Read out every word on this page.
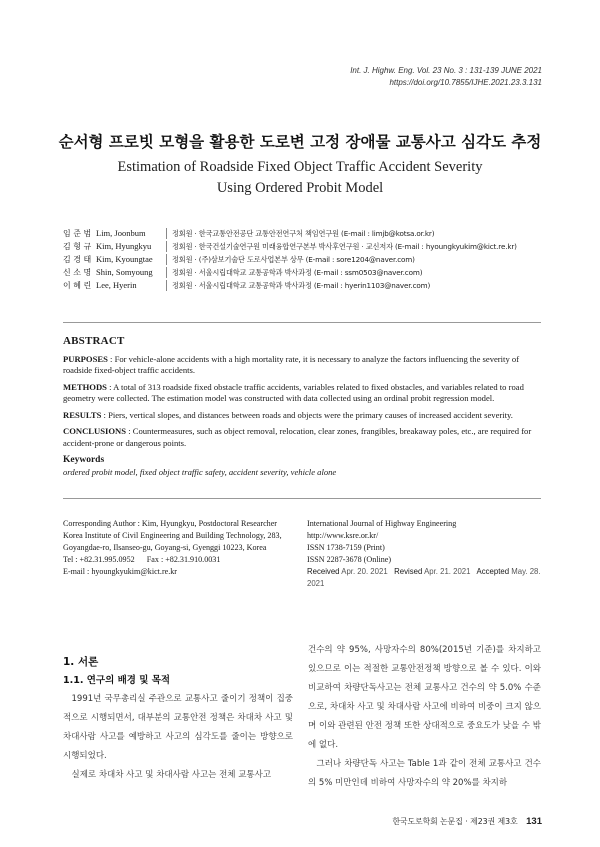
Int. J. Highw. Eng. Vol. 23 No. 3 : 131-139 JUNE 2021
https://doi.org/10.7855/IJHE.2021.23.3.131
순서형 프로빗 모형을 활용한 도로변 고정 장애물 교통사고 심각도 추정
Estimation of Roadside Fixed Object Traffic Accident Severity
Using Ordered Probit Model
임 준 범 Lim, Joonbum	정회원 · 한국교통안전공단 교통안전연구처 책임연구원 (E-mail : limjb@kotsa.or.kr)
김 형 규 Kim, Hyungkyu	정회원 · 한국건설기술연구원 미래융합연구본부 박사후연구원 · 교신저자 (E-mail : hyoungkyukim@kict.re.kr)
김 경 태 Kim, Kyoungtae	정회원 · (주)삼보기술단 도로사업본부 상무 (E-mail : sore1204@naver.com)
신 소 명 Shin, Somyoung	정회원 · 서울시립대학교 교통공학과 박사과정 (E-mail : ssm0503@naver.com)
이 혜 린 Lee, Hyerin	정회원 · 서울시립대학교 교통공학과 박사과정 (E-mail : hyerin1103@naver.com)
ABSTRACT

PURPOSES : For vehicle-alone accidents with a high mortality rate, it is necessary to analyze the factors influencing the severity of roadside fixed-object traffic accidents.

METHODS : A total of 313 roadside fixed obstacle traffic accidents, variables related to fixed obstacles, and variables related to road geometry were collected. The estimation model was constructed with data collected using an ordinal probit regression model.

RESULTS : Piers, vertical slopes, and distances between roads and objects were the primary causes of increased accident severity.

CONCLUSIONS : Countermeasures, such as object removal, relocation, clear zones, frangibles, breakaway poles, etc., are required for accident-prone or dangerous points.

Keywords
ordered probit model, fixed object traffic safety, accident severity, vehicle alone
Corresponding Author : Kim, Hyungkyu, Postdoctoral Researcher
Korea Institute of Civil Engineering and Building Technology, 283,
Goyangdae-ro, Ilsanseo-gu, Goyang-si, Gyenggi 10223, Korea
Tel : +82.31.995.0952      Fax : +82.31.910.0031
E-mail : hyoungkyukim@kict.re.kr
International Journal of Highway Engineering
http://www.ksre.or.kr/
ISSN 1738-7159 (Print)
ISSN 2287-3678 (Online)
Received Apr. 20. 2021 Revised Apr. 21. 2021 Accepted May. 28. 2021
1. 서론
1.1. 연구의 배경 및 목적

1991년 국무총리실 주관으로 교통사고 줄이기 정책이 집중적으로 시행되면서, 대부분의 교통안전 정책은 차대차 사고 및 차대사람 사고를 예방하고 사고의 심각도를 줄이는 방향으로 시행되었다.

실제로 차대차 사고 및 차대사람 사고는 전체 교통사고

건수의 약 95%, 사망자수의 80%(2015년 기준)를 차지하고 있으므로 이는 적절한 교통안전정책 방향으로 볼 수 있다. 이와 비교하여 차량단독사고는 전체 교통사고 건수의 약 5.0% 수준으로, 차대차 사고 및 차대사람 사고에 비하여 비중이 크지 않으며 이와 관련된 안전 정책 또한 상대적으로 중요도가 낮을 수 밖에 없다.

그러나 차량단독 사고는 Table 1과 같이 전체 교통사고 건수의 5% 미만인데 비하여 사망자수의 약 20%를 차지하

한국도로학회 논문집 · 제23권 제3호 131
